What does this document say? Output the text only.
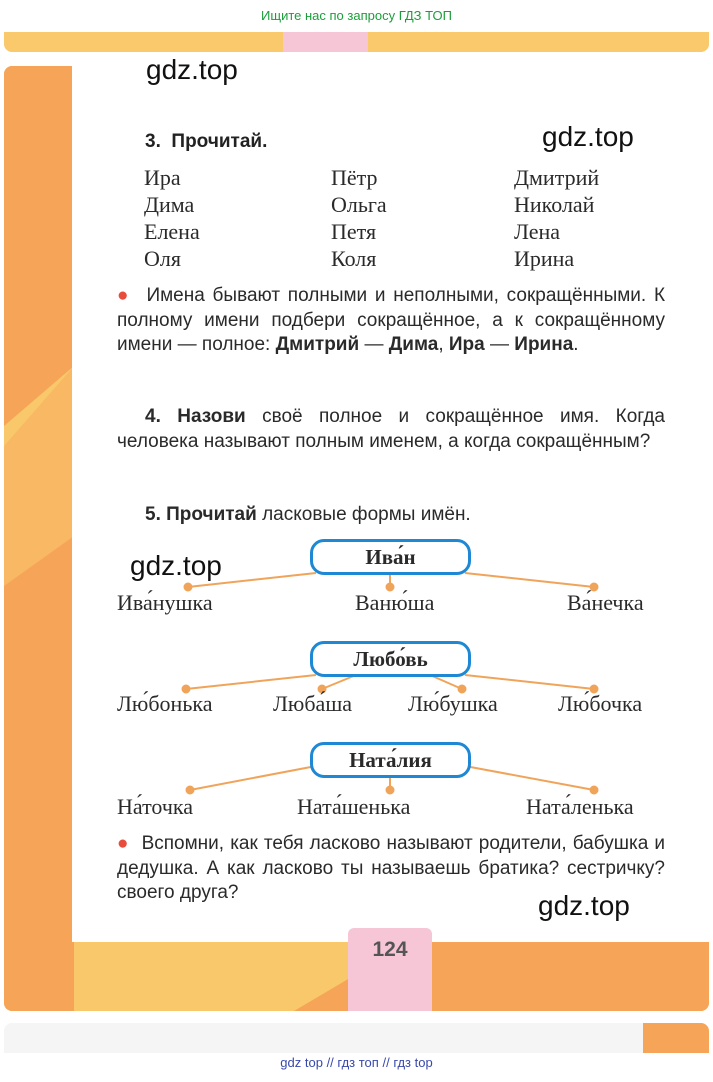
Ищите нас по запросу ГДЗ ТОП
gdz.top
gdz.top
gdz.top
gdz.top
3. Прочитай.
Ира	Пётр	Дмитрий
Дима	Ольга	Николай
Елена	Петя	Лена
Оля	Коля	Ирина
● Имена бывают полными и неполными, сокращёнными. К полному имени подбери сокращённое, а к сокращённому имени — полное: Дмитрий — Дима, Ира — Ирина.
4. Назови своё полное и сокращённое имя. Когда человека называют полным именем, а когда сокращённым?
5. Прочитай ласковые формы имён.
Ива́н
Ива́нушка	Ваню́ша	Ва́нечка
Любо́вь
Лю́бонька	Люба́ша	Лю́бушка	Лю́бочка
Ната́лия
На́точка	Ната́шенька	Ната́ленька
● Вспомни, как тебя ласково называют родители, бабушка и дедушка. А как ласково ты называешь братика? сестричку? своего друга?
124
gdz top // гдз топ // гдз top
